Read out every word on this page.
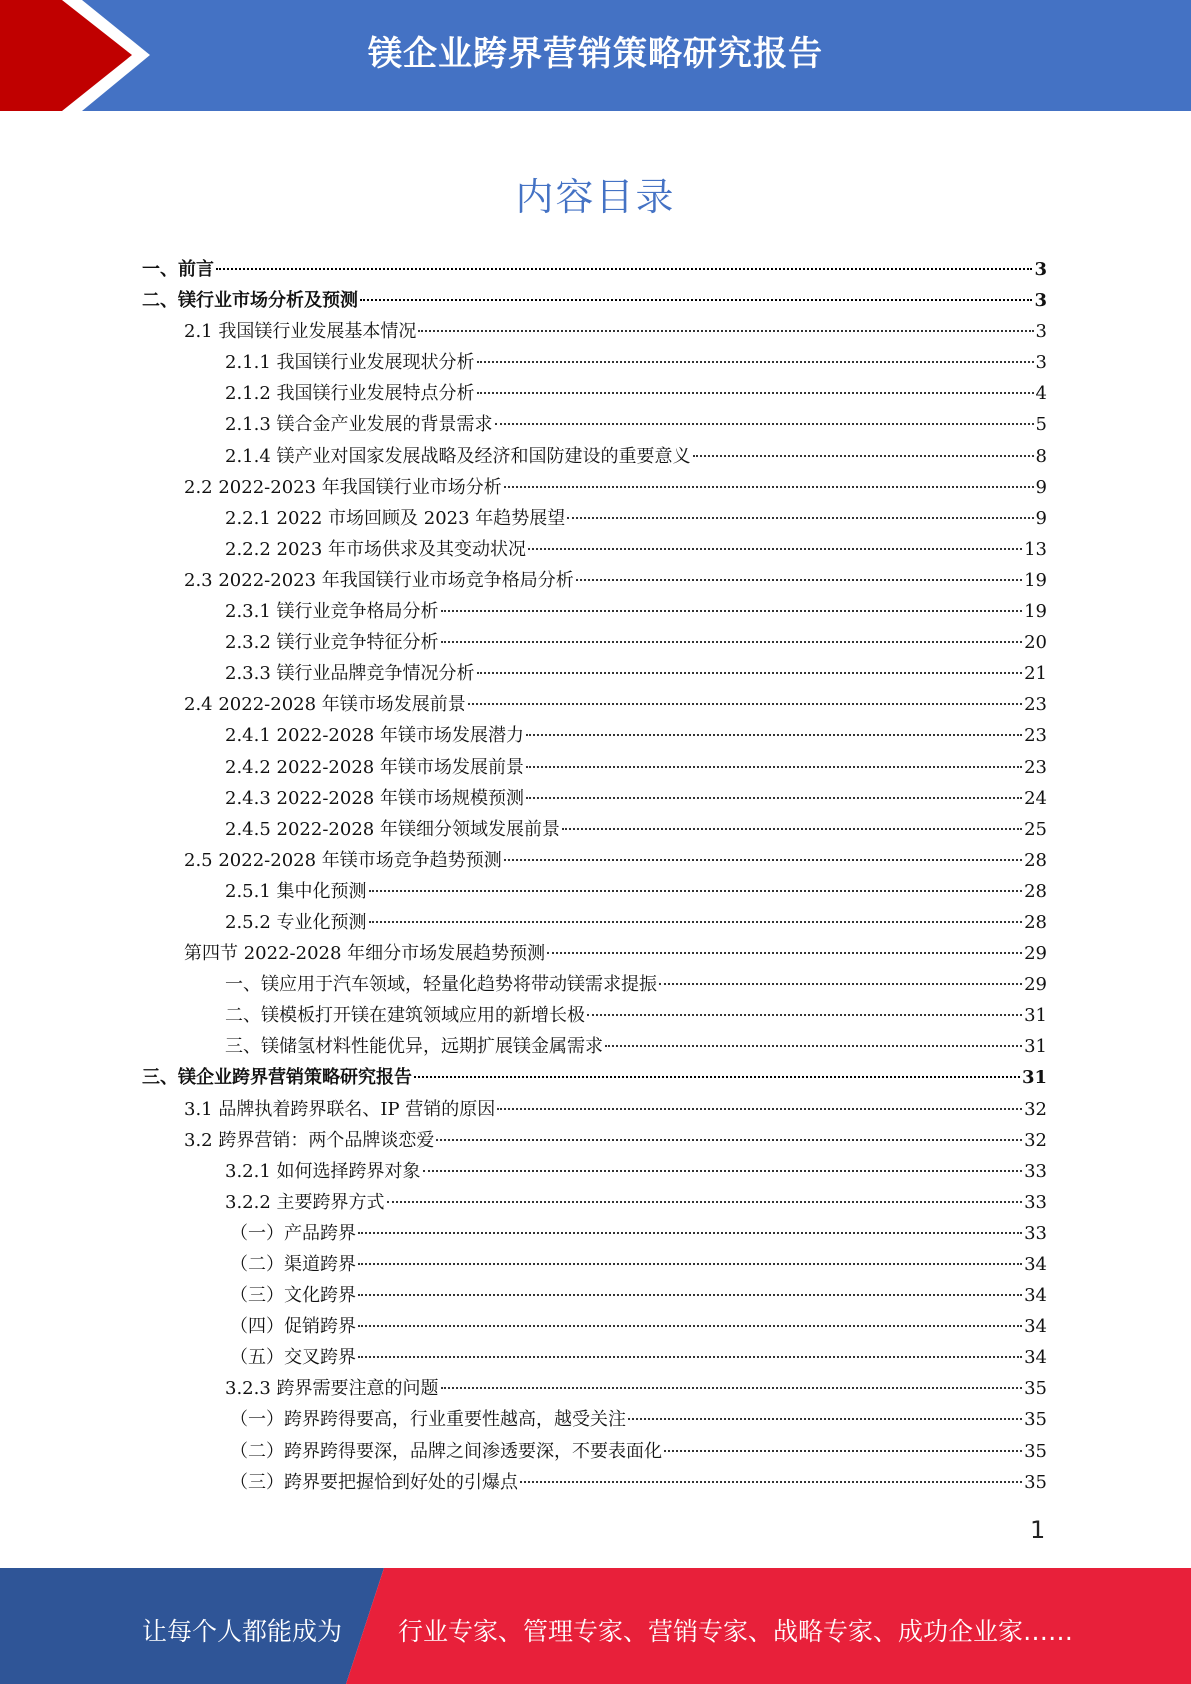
镁企业跨界营销策略研究报告
内容目录
一、前言	3
二、镁行业市场分析及预测	3
2.1 我国镁行业发展基本情况	3
2.1.1 我国镁行业发展现状分析	3
2.1.2 我国镁行业发展特点分析	4
2.1.3 镁合金产业发展的背景需求	5
2.1.4 镁产业对国家发展战略及经济和国防建设的重要意义	8
2.2 2022-2023 年我国镁行业市场分析	9
2.2.1 2022 市场回顾及 2023 年趋势展望	9
2.2.2 2023 年市场供求及其变动状况	13
2.3 2022-2023 年我国镁行业市场竞争格局分析	19
2.3.1 镁行业竞争格局分析	19
2.3.2 镁行业竞争特征分析	20
2.3.3 镁行业品牌竞争情况分析	21
2.4 2022-2028 年镁市场发展前景	23
2.4.1 2022-2028 年镁市场发展潜力	23
2.4.2 2022-2028 年镁市场发展前景	23
2.4.3 2022-2028 年镁市场规模预测	24
2.4.5 2022-2028 年镁细分领域发展前景	25
2.5 2022-2028 年镁市场竞争趋势预测	28
2.5.1 集中化预测	28
2.5.2 专业化预测	28
第四节 2022-2028 年细分市场发展趋势预测	29
一、镁应用于汽车领域，轻量化趋势将带动镁需求提振	29
二、镁模板打开镁在建筑领域应用的新增长极	31
三、镁储氢材料性能优异，远期扩展镁金属需求	31
三、镁企业跨界营销策略研究报告	31
3.1 品牌执着跨界联名、IP 营销的原因	32
3.2 跨界营销：两个品牌谈恋爱	32
3.2.1 如何选择跨界对象	33
3.2.2 主要跨界方式	33
（一）产品跨界	33
（二）渠道跨界	34
（三）文化跨界	34
（四）促销跨界	34
（五）交叉跨界	34
3.2.3 跨界需要注意的问题	35
（一）跨界跨得要高，行业重要性越高，越受关注	35
（二）跨界跨得要深，品牌之间渗透要深，不要表面化	35
（三）跨界要把握恰到好处的引爆点	35
1
让每个人都能成为 行业专家、管理专家、营销专家、战略专家、成功企业家……
